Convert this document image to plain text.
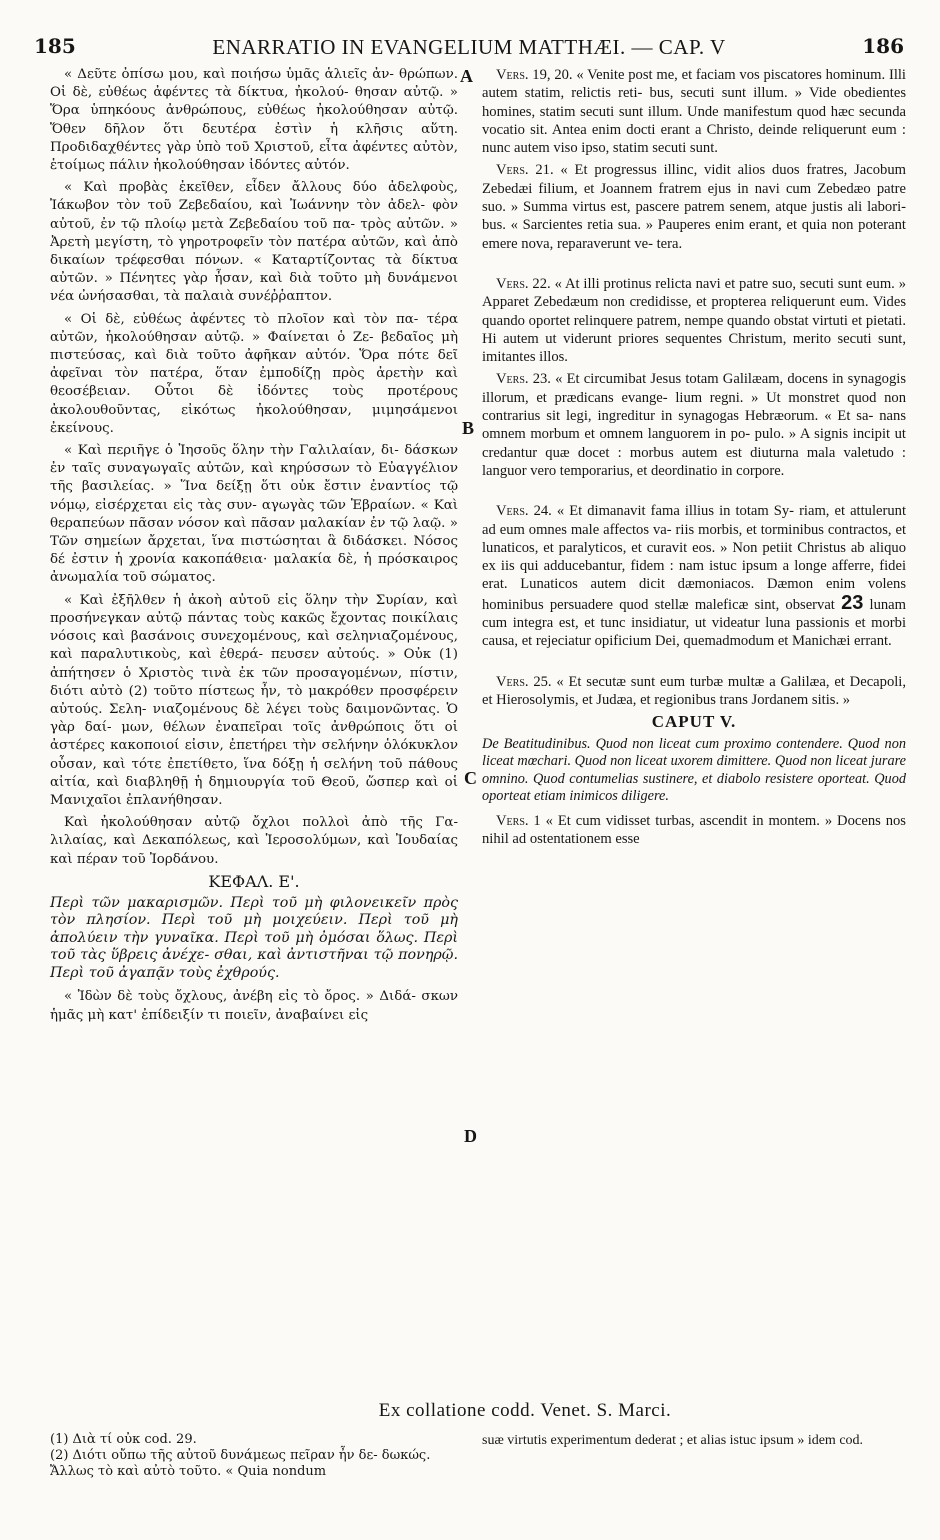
185	ENARRATIO IN EVANGELIUM MATTHÆI. — CAP. V	186
A
B
C
D

« Δεῦτε ὀπίσω μου, καὶ ποιήσω ὑμᾶς ἁλιεῖς ἀν- θρώπων. Οἱ δὲ, εὐθέως ἀφέντες τὰ δίκτυα, ἠκολού- θησαν αὐτῷ. » Ὅρα ὑπηκόους ἀνθρώπους, εὐθέως ἠκολούθησαν αὐτῷ. Ὅθεν δῆλον ὅτι δευτέρα ἐστὶν ἡ κλῆσις αὕτη. Προδιδαχθέντες γὰρ ὑπὸ τοῦ Χριστοῦ, εἶτα ἀφέντες αὐτὸν, ἑτοίμως πάλιν ἠκολούθησαν ἰδόντες αὐτόν.

« Καὶ προβὰς ἐκεῖθεν, εἶδεν ἄλλους δύο ἀδελφοὺς, Ἰάκωβον τὸν τοῦ Ζεβεδαίου, καὶ Ἰωάννην τὸν ἀδελ- φὸν αὐτοῦ, ἐν τῷ πλοίῳ μετὰ Ζεβεδαίου τοῦ πα- τρὸς αὐτῶν. » Ἀρετὴ μεγίστη, τὸ γηροτροφεῖν τὸν πατέρα αὐτῶν, καὶ ἀπὸ δικαίων τρέφεσθαι πόνων. « Καταρτίζοντας τὰ δίκτυα αὐτῶν. » Πένητες γὰρ ἦσαν, καὶ διὰ τοῦτο μὴ δυνάμενοι νέα ὠνήσασθαι, τὰ παλαιὰ συνέῤῥαπτον.

« Οἱ δὲ, εὐθέως ἀφέντες τὸ πλοῖον καὶ τὸν πα- τέρα αὐτῶν, ἠκολούθησαν αὐτῷ. » Φαίνεται ὁ Ζε- βεδαῖος μὴ πιστεύσας, καὶ διὰ τοῦτο ἀφῆκαν αὐτόν. Ὅρα πότε δεῖ ἀφεῖναι τὸν πατέρα, ὅταν ἐμποδίζῃ πρὸς ἀρετὴν καὶ θεοσέβειαν. Οὗτοι δὲ ἰδόντες τοὺς προτέρους ἀκολουθοῦντας, εἰκότως ἠκολούθησαν, μιμησάμενοι ἐκείνους.

« Καὶ περιῆγε ὁ Ἰησοῦς ὅλην τὴν Γαλιλαίαν, δι- δάσκων ἐν ταῖς συναγωγαῖς αὐτῶν, καὶ κηρύσσων τὸ Εὐαγγέλιον τῆς βασιλείας. » Ἵνα δείξῃ ὅτι οὐκ ἔστιν ἐναντίος τῷ νόμῳ, εἰσέρχεται εἰς τὰς συν- αγωγὰς τῶν Ἑβραίων. « Καὶ θεραπεύων πᾶσαν νόσον καὶ πᾶσαν μαλακίαν ἐν τῷ λαῷ. » Τῶν σημείων ἄρχεται, ἵνα πιστώσηται ἃ διδάσκει. Νόσος δέ ἐστιν ἡ χρονία κακοπάθεια· μαλακία δὲ, ἡ πρόσκαιρος ἀνωμαλία τοῦ σώματος.

« Καὶ ἐξῆλθεν ἡ ἀκοὴ αὐτοῦ εἰς ὅλην τὴν Συρίαν, καὶ προσήνεγκαν αὐτῷ πάντας τοὺς κακῶς ἔχοντας ποικίλαις νόσοις καὶ βασάνοις συνεχομένους, καὶ σεληνιαζομένους, καὶ παραλυτικοὺς, καὶ ἐθερά- πευσεν αὐτούς. » Οὐκ (1) ἀπήτησεν ὁ Χριστὸς τινὰ ἐκ τῶν προσαγομένων, πίστιν, διότι αὐτὸ (2) τοῦτο πίστεως ἦν, τὸ μακρόθεν προσφέρειν αὐτούς. Σελη- νιαζομένους δὲ λέγει τοὺς δαιμονῶντας. Ὁ γὰρ δαί- μων, θέλων ἐναπεῖραι τοῖς ἀνθρώποις ὅτι οἱ ἀστέρες κακοποιοί εἰσιν, ἐπετήρει τὴν σελήνην ὁλόκυκλον οὖσαν, καὶ τότε ἐπετίθετο, ἵνα δόξῃ ἡ σελήνη τοῦ πάθους αἰτία, καὶ διαβληθῇ ἡ δημιουργία τοῦ Θεοῦ, ὥσπερ καὶ οἱ Μανιχαῖοι ἐπλανήθησαν.

Καὶ ἠκολούθησαν αὐτῷ ὄχλοι πολλοὶ ἀπὸ τῆς Γα- λιλαίας, καὶ Δεκαπόλεως, καὶ Ἱεροσολύμων, καὶ Ἰουδαίας καὶ πέραν τοῦ Ἰορδάνου.

ΚΕΦΑΛ. Ε'.

Περὶ τῶν μακαρισμῶν. Περὶ τοῦ μὴ φιλονεικεῖν πρὸς τὸν πλησίον. Περὶ τοῦ μὴ μοιχεύειν. Περὶ τοῦ μὴ ἀπολύειν τὴν γυναῖκα. Περὶ τοῦ μὴ ὀμόσαι ὅλως. Περὶ τοῦ τὰς ὕβρεις ἀνέχε- σθαι, καὶ ἀντιστῆναι τῷ πονηρῷ. Περὶ τοῦ ἀγαπᾷν τοὺς ἐχθρούς.

« Ἰδὼν δὲ τοὺς ὄχλους, ἀνέβη εἰς τὸ ὄρος. » Διδά- σκων ἡμᾶς μὴ κατ' ἐπίδειξίν τι ποιεῖν, ἀναβαίνει εἰς

Vers. 19, 20. « Venite post me, et faciam vos piscatores hominum. Illi autem statim, relictis reti- bus, secuti sunt illum. » Vide obedientes homines, statim secuti sunt illum. Unde manifestum quod hæc secunda vocatio sit. Antea enim docti erant a Christo, deinde reliquerunt eum : nunc autem viso ipso, statim secuti sunt.

Vers. 21. « Et progressus illinc, vidit alios duos fratres, Jacobum Zebedæi filium, et Joannem fratrem ejus in navi cum Zebedæo patre suo. » Summa virtus est, pascere patrem senem, atque justis ali labori- bus. « Sarcientes retia sua. » Pauperes enim erant, et quia non poterant emere nova, reparaverunt ve- tera.

Vers. 22. « At illi protinus relicta navi et patre suo, secuti sunt eum. » Apparet Zebedæum non credidisse, et propterea reliquerunt eum. Vides quando oportet relinquere patrem, nempe quando obstat virtuti et pietati. Hi autem ut viderunt priores sequentes Christum, merito secuti sunt, imitantes illos.

Vers. 23. « Et circumibat Jesus totam Galilæam, docens in synagogis illorum, et prædicans evange- lium regni. » Ut monstret quod non contrarius sit legi, ingreditur in synagogas Hebræorum. « Et sa- nans omnem morbum et omnem languorem in po- pulo. » A signis incipit ut credantur quæ docet : morbus autem est diuturna mala valetudo : languor vero temporarius, et deordinatio in corpore.

Vers. 24. « Et dimanavit fama illius in totam Sy- riam, et attulerunt ad eum omnes male affectos va- riis morbis, et torminibus contractos, et lunaticos, et paralyticos, et curavit eos. » Non petiit Christus ab aliquo ex iis qui adducebantur, fidem : nam istuc ipsum a longe afferre, fidei erat. Lunaticos autem dicit dæmoniacos. Dæmon enim volens hominibus persuadere quod stellæ maleficæ sint, observat 23 lunam cum integra est, et tunc insidiatur, ut videatur luna passionis et morbi causa, et rejeciatur opificium Dei, quemadmodum et Manichæi errant.

Vers. 25. « Et secutæ sunt eum turbæ multæ a Galilæa, et Decapoli, et Hierosolymis, et Judæa, et regionibus trans Jordanem sitis. »

CAPUT V.

De Beatitudinibus. Quod non liceat cum proximo contendere. Quod non liceat mœchari. Quod non liceat uxorem dimittere. Quod non liceat jurare omnino. Quod contumelias sustinere, et diabolo resistere oporteat. Quod oporteat etiam inimicos diligere.

Vers. 1 « Et cum vidisset turbas, ascendit in montem. » Docens nos nihil ad ostentationem esse

Ex collatione codd. Venet. S. Marci.
(1) Διὰ τί οὐκ cod. 29.
(2) Διότι οὔπω τῆς αὐτοῦ δυνάμεως πεῖραν ἦν δε- δωκώς. Ἄλλως τὸ καὶ αὐτὸ τοῦτο. « Quia nondum
suæ virtutis experimentum dederat ; et alias istuc ipsum » idem cod.
